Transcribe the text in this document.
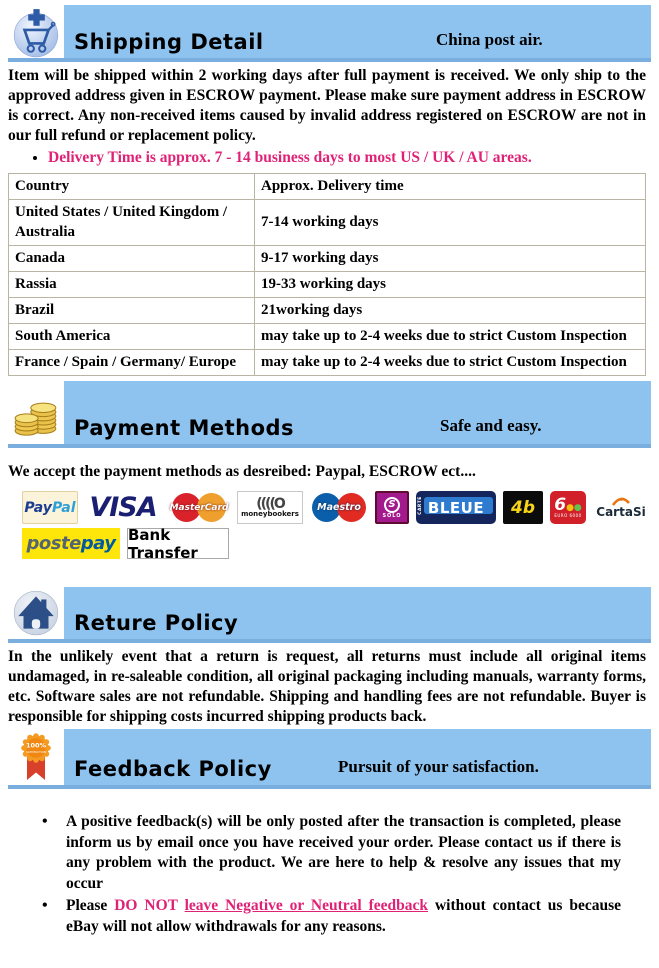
Shipping Detail	China post air.

Item will be shipped within 2 working days after full payment is received. We only ship to the approved address given in ESCROW payment. Please make sure payment address in ESCROW is correct. Any non-received items caused by invalid address registered on ESCROW are not in our full refund or replacement policy.

• Delivery Time is approx. 7 - 14 business days to most US / UK / AU areas.
Country	Approx. Delivery time
United States / United Kingdom / Australia	7-14 working days
Canada	9-17 working days
Rassia	19-33 working days
Brazil	21working days
South America	may take up to 2-4 weeks due to strict Custom Inspection
France / Spain / Germany/ Europe	may take up to 2-4 weeks due to strict Custom Inspection
Payment Methods	Safe and easy.

We accept the payment methods as desreibed: Paypal, ESCROW ect....

Pay Pal VISA	MasterCard ((((O
moneybookers
Maestro	S
SOLO
CARTE BLEUE	4b	6●●
EURO 6000 CartaSi
poste pay Bank Transfer
Reture Policy

In the unlikely event that a return is request, all returns must include all original items undamaged, in re-saleable condition, all original packaging including manuals, warranty forms, etc. Software sales are not refundable. Shipping and handling fees are not refundable. Buyer is responsible for shipping costs incurred shipping products back.

100%
SATISFACTION
Feedback Policy	Pursuit of your satisfaction.
• A positive feedback(s) will be only posted after the transaction is completed, please inform us by email once you have received your order. Please contact us if there is any problem with the product. We are here to help & resolve any issues that my occur
• Please DO NOT leave Negative or Neutral feedback without contact us because eBay will not allow withdrawals for any reasons.
